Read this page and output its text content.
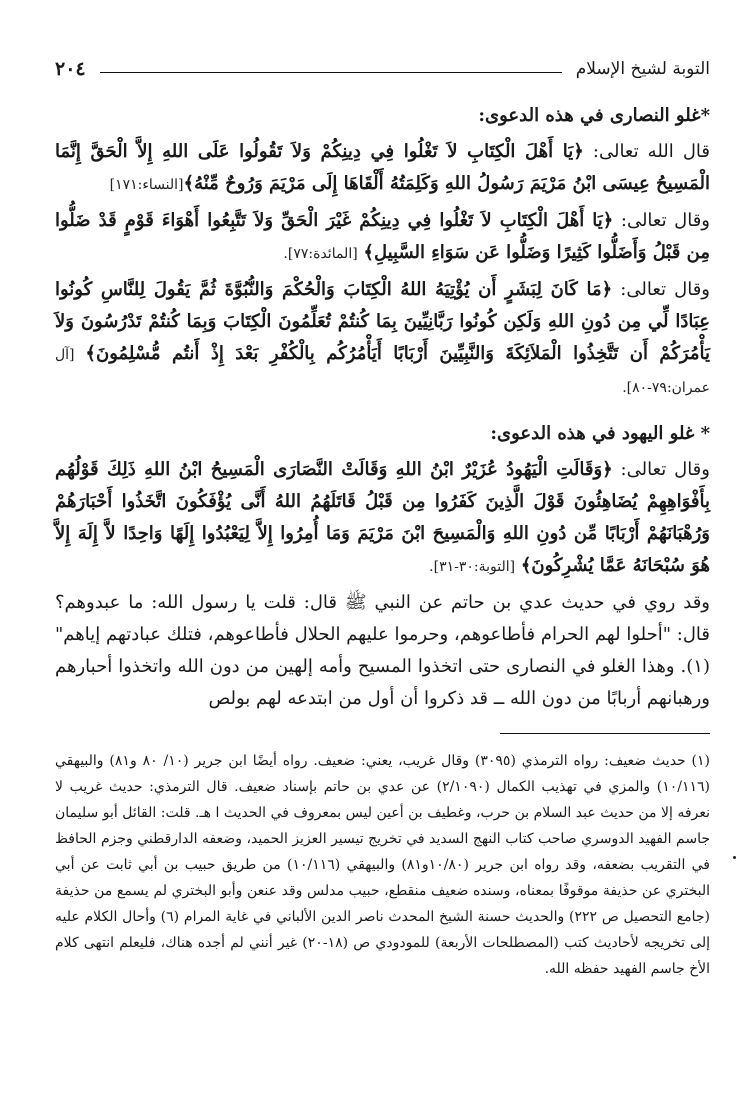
التوبة لشيخ الإسلام
٢٠٤
*غلو النصارى في هذه الدعوى:

قال الله تعالى: ﴿يَا أَهْلَ الْكِتَابِ لاَ تَغْلُوا فِي دِينِكُمْ وَلاَ تَقُولُوا عَلَى اللهِ إِلاَّ الْحَقَّ إِنَّمَا الْمَسِيحُ عِيسَى ابْنُ مَرْيَمَ رَسُولُ اللهِ وَكَلِمَتُهُ أَلْقَاهَا إِلَى مَرْيَمَ وَرُوحٌ مِّنْهُ﴾[النساء:١٧١]

وقال تعالى: ﴿يَا أَهْلَ الْكِتَابِ لاَ تَغْلُوا فِي دِينِكُمْ غَيْرَ الْحَقِّ وَلاَ تَتَّبِعُوا أَهْوَاءَ قَوْمٍ قَدْ ضَلُّوا مِن قَبْلُ وَأَضَلُّوا كَثِيرًا وَضَلُّوا عَن سَوَاءِ السَّبِيلِ﴾ [المائدة:٧٧].

وقال تعالى: ﴿مَا كَانَ لِبَشَرٍ أَن يُؤْتِيَهُ اللهُ الْكِتَابَ وَالْحُكْمَ وَالنُّبُوَّةَ ثُمَّ يَقُولَ لِلنَّاسِ كُونُوا عِبَادًا لِّي مِن دُونِ اللهِ وَلَكِن كُونُوا رَبَّانِيِّينَ بِمَا كُنتُمْ تُعَلِّمُونَ الْكِتَابَ وَبِمَا كُنتُمْ تَدْرُسُونَ وَلاَ يَأْمُرَكُمْ أَن تَتَّخِذُوا الْمَلاَئِكَةَ وَالنَّبِيِّينَ أَرْبَابًا أَيَأْمُرُكُم بِالْكُفْرِ بَعْدَ إِذْ أَنتُم مُّسْلِمُونَ﴾ [آل عمران:٧٩-٨٠].

* غلو اليهود في هذه الدعوى:

وقال تعالى: ﴿وَقَالَتِ الْيَهُودُ عُزَيْرٌ ابْنُ اللهِ وَقَالَتْ النَّصَارَى الْمَسِيحُ ابْنُ اللهِ ذَلِكَ قَوْلُهُم بِأَفْوَاهِهِمْ يُضَاهِئُونَ قَوْلَ الَّذِينَ كَفَرُوا مِن قَبْلُ قَاتَلَهُمُ اللهُ أَنَّى يُؤْفَكُونَ اتَّخَذُوا أَحْبَارَهُمْ وَرُهْبَانَهُمْ أَرْبَابًا مِّن دُونِ اللهِ وَالْمَسِيحَ ابْنَ مَرْيَمَ وَمَا أُمِرُوا إِلاَّ لِيَعْبُدُوا إِلَهًا وَاحِدًا لاَّ إِلَهَ إِلاَّ هُوَ سُبْحَانَهُ عَمَّا يُشْرِكُونَ﴾ [التوبة:٣٠-٣١].

وقد روي في حديث عدي بن حاتم عن النبي ﷺ قال: قلت يا رسول الله: ما عبدوهم؟ قال: "أحلوا لهم الحرام فأطاعوهم، وحرموا عليهم الحلال فأطاعوهم، فتلك عبادتهم إياهم"(١). وهذا الغلو في النصارى حتى اتخذوا المسيح وأمه إلهين من دون الله واتخذوا أحبارهم ورهبانهم أربابًا من دون الله ــ قد ذكروا أن أول من ابتدعه لهم بولص

(١) حديث ضعيف: رواه الترمذي (٣٠٩٥) وقال غريب، يعني: ضعيف. رواه أيضًا ابن جرير (١٠/ ٨٠ و٨١) والبيهقي (١٠/١١٦) والمزي في تهذيب الكمال (٢/١٠٩٠) عن عدي بن حاتم بإسناد ضعيف. قال الترمذي: حديث غريب لا نعرفه إلا من حديث عبد السلام بن حرب، وغطيف بن أعين ليس بمعروف في الحديث ا هـ. قلت: القائل أبو سليمان جاسم الفهيد الدوسري صاحب كتاب النهج السديد في تخريج تيسير العزيز الحميد، وضعفه الدارقطني وجزم الحافظ في التقريب بضعفه، وقد رواه ابن جرير (١٠/٨٠و٨١) والبيهقي (١٠/١١٦) من طريق حبيب بن أبي ثابت عن أبي البختري عن حذيفة موقوفًا بمعناه، وسنده ضعيف منقطع، حبيب مدلس وقد عنعن وأبو البختري لم يسمع من حذيفة (جامع التحصيل ص ٢٢٢) والحديث حسنة الشيخ المحدث ناصر الدين الألباني في غاية المرام (٦) وأحال الكلام عليه إلى تخريجه لأحاديث كتب (المصطلحات الأربعة) للمودودي ص (١٨-٢٠) غير أنني لم أجده هناك، فليعلم انتهى كلام الأخ جاسم الفهيد حفظه الله.
